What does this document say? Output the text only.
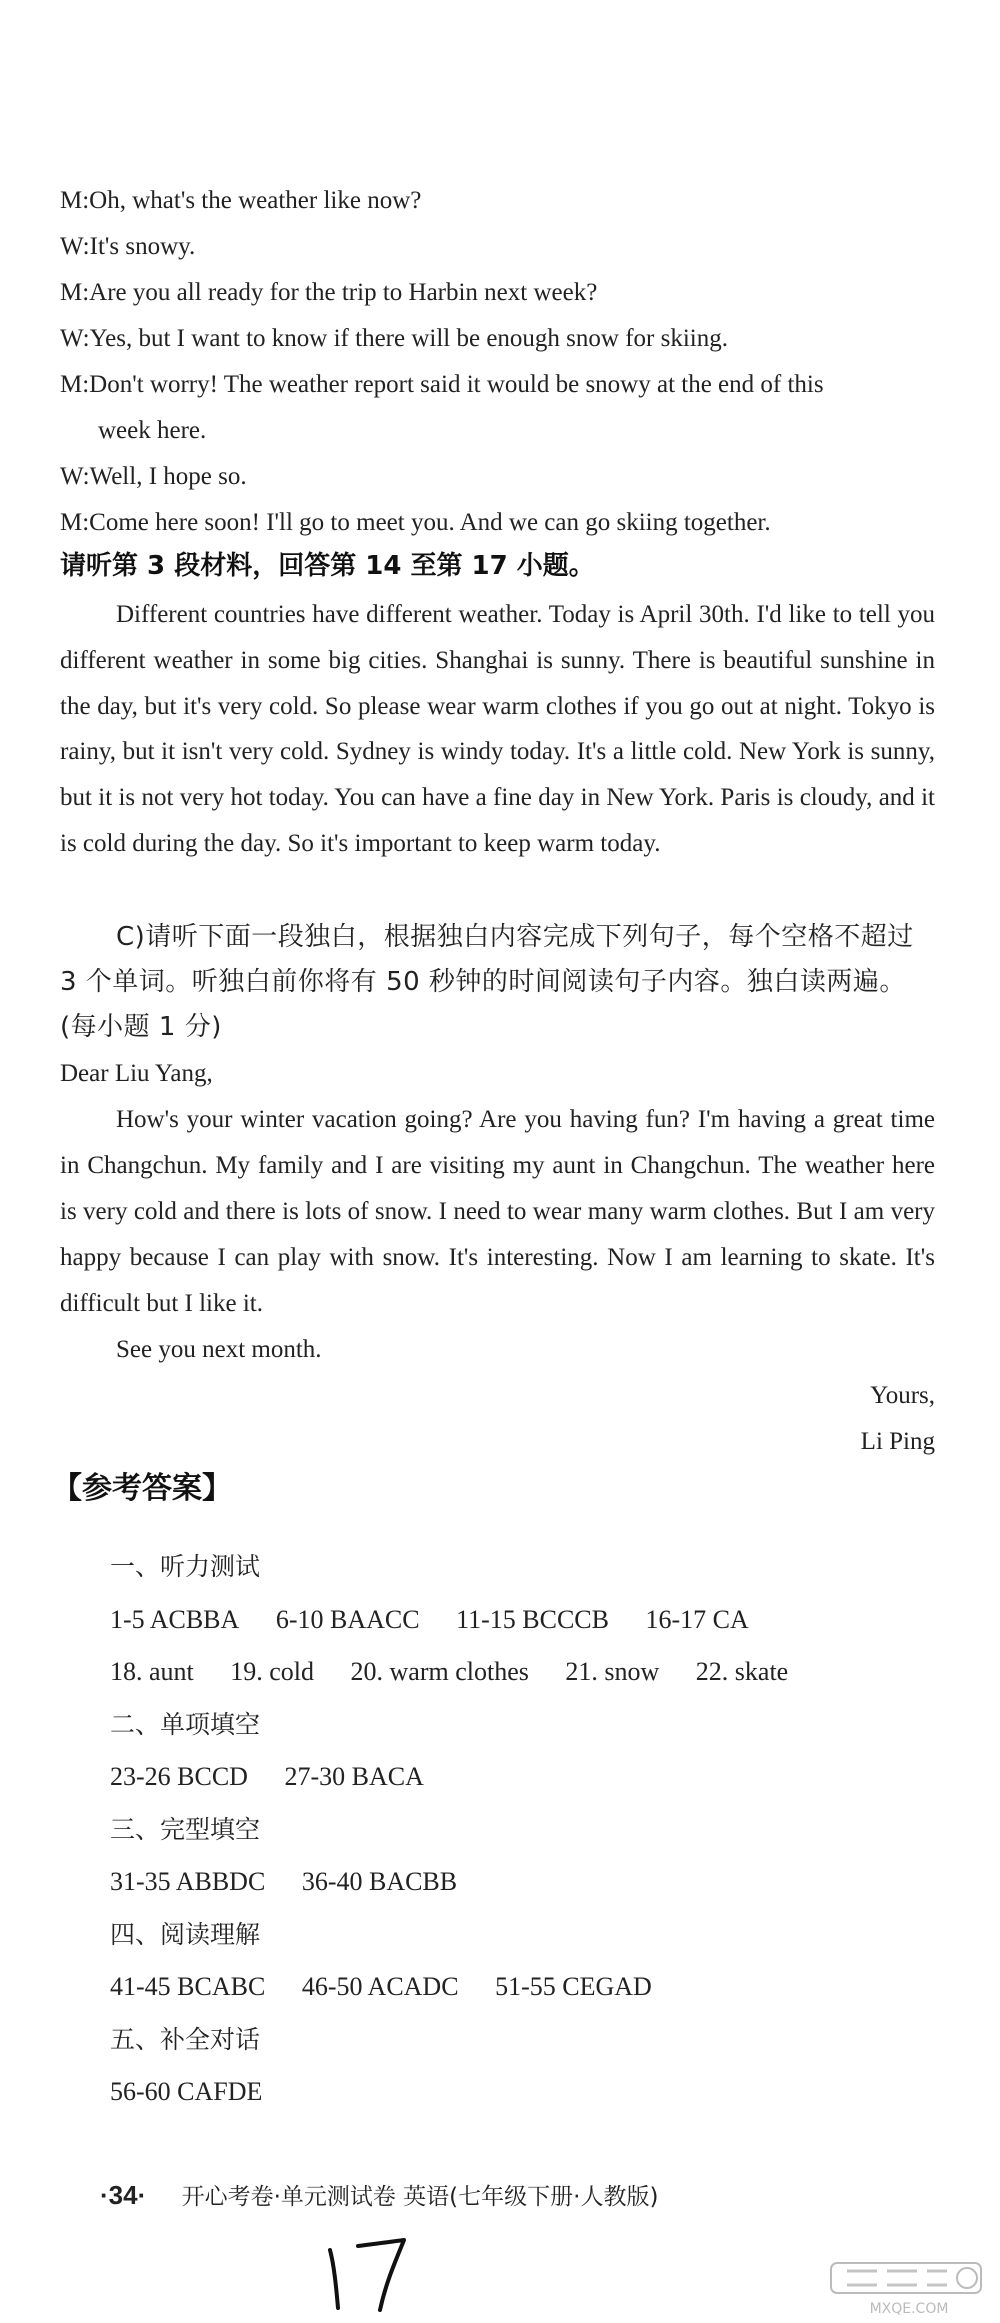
M:Oh, what's the weather like now?
W:It's snowy.
M:Are you all ready for the trip to Harbin next week?
W:Yes, but I want to know if there will be enough snow for skiing.
M:Don't worry! The weather report said it would be snowy at the end of this
week here.
W:Well, I hope so.
M:Come here soon! I'll go to meet you. And we can go skiing together.
请听第 3 段材料，回答第 14 至第 17 小题。
Different countries have different weather. Today is April 30th. I'd like to tell you different weather in some big cities. Shanghai is sunny. There is beautiful sunshine in the day, but it's very cold. So please wear warm clothes if you go out at night. Tokyo is rainy, but it isn't very cold. Sydney is windy today. It's a little cold. New York is sunny, but it is not very hot today. You can have a fine day in New York. Paris is cloudy, and it is cold during the day. So it's important to keep warm today.
C)请听下面一段独白，根据独白内容完成下列句子，每个空格不超过 3 个单词。听独白前你将有 50 秒钟的时间阅读句子内容。独白读两遍。(每小题 1 分)
Dear Liu Yang,
How's your winter vacation going? Are you having fun? I'm having a great time in Changchun. My family and I are visiting my aunt in Changchun. The weather here is very cold and there is lots of snow. I need to wear many warm clothes. But I am very happy because I can play with snow. It's interesting. Now I am learning to skate. It's difficult but I like it.
See you next month.
Yours,
Li Ping
【参考答案】
一、听力测试
1-5 ACBBA 6-10 BAACC 11-15 BCCCB 16-17 CA
18. aunt 19. cold 20. warm clothes 21. snow 22. skate
二、单项填空
23-26 BCCD 27-30 BACA
三、完型填空
31-35 ABBDC 36-40 BACBB
四、阅读理解
41-45 BCABC 46-50 ACADC 51-55 CEGAD
五、补全对话
56-60 CAFDE
·34· 开心考卷·单元测试卷 英语(七年级下册·人教版)
MXQE.COM
